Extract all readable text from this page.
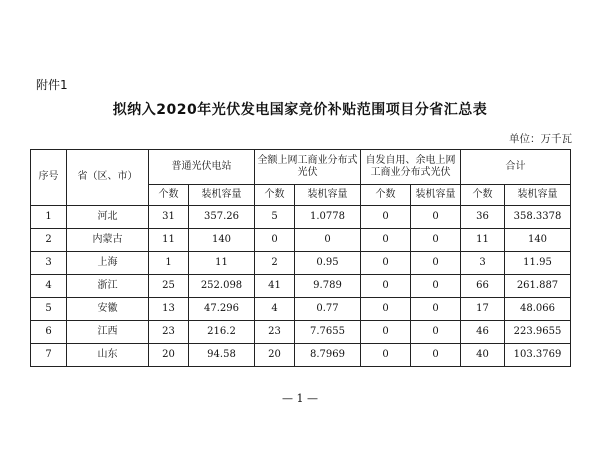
附件1
拟纳入2020年光伏发电国家竞价补贴范围项目分省汇总表
单位：万千瓦
序号	省（区、市）	普通光伏电站		全额上网工商业分布式光伏		自发自用、余电上网工商业分布式光伏		合计	
		个数	装机容量	个数	装机容量	个数	装机容量	个数	装机容量
1	河北	31	357.26	5	1.0778	0	0	36	358.3378
2	内蒙古	11	140	0	0	0	0	11	140
3	上海	1	11	2	0.95	0	0	3	11.95
4	浙江	25	252.098	41	9.789	0	0	66	261.887
5	安徽	13	47.296	4	0.77	0	0	17	48.066
6	江西	23	216.2	23	7.7655	0	0	46	223.9655
7	山东	20	94.58	20	8.7969	0	0	40	103.3769
— 1 —
